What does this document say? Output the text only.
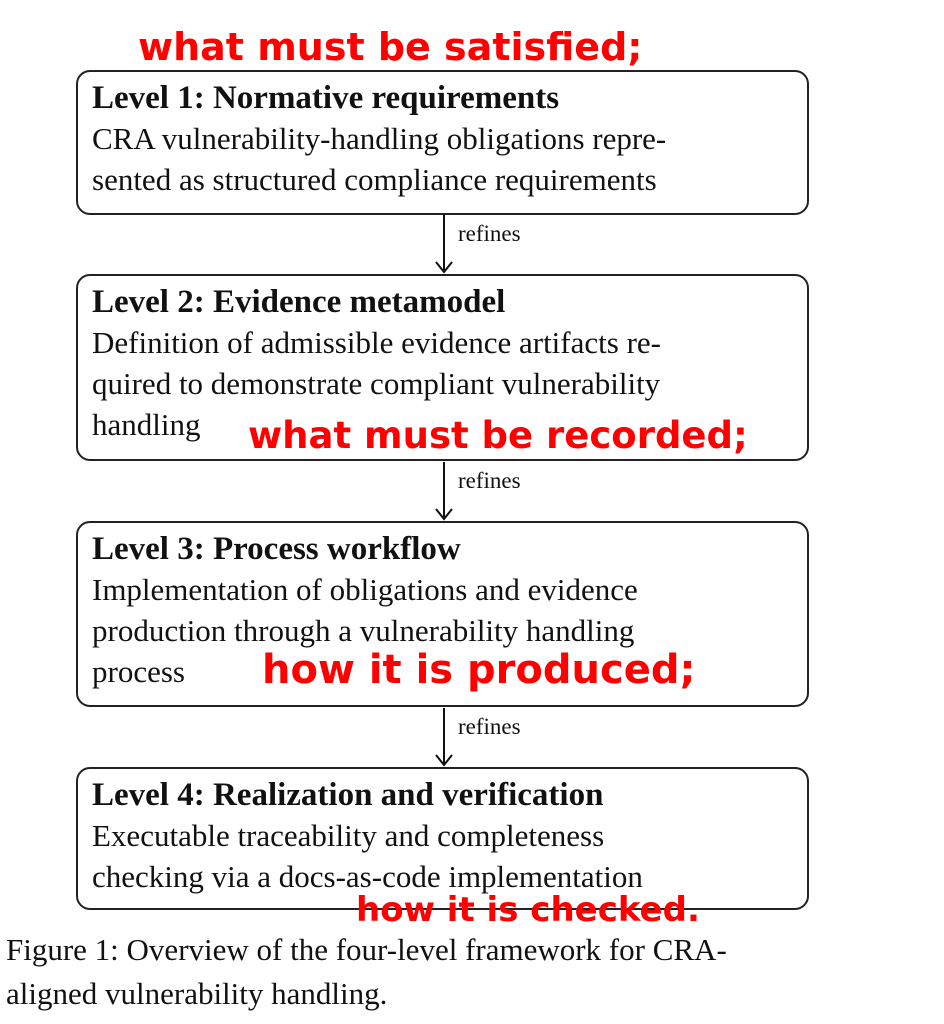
what must be satisfied;
Level 1: Normative requirements
CRA vulnerability-handling obligations repre-
sented as structured compliance requirements
refines
Level 2: Evidence metamodel
Definition of admissible evidence artifacts re-
quired to demonstrate compliant vulnerability
handling	what must be recorded;
refines
Level 3: Process workflow
Implementation of obligations and evidence
production through a vulnerability handling
process	how it is produced;
refines
Level 4: Realization and verification
Executable traceability and completeness
checking via a docs-as-code implementation
how it is checked.
Figure 1: Overview of the four-level framework for CRA-
aligned vulnerability handling.
